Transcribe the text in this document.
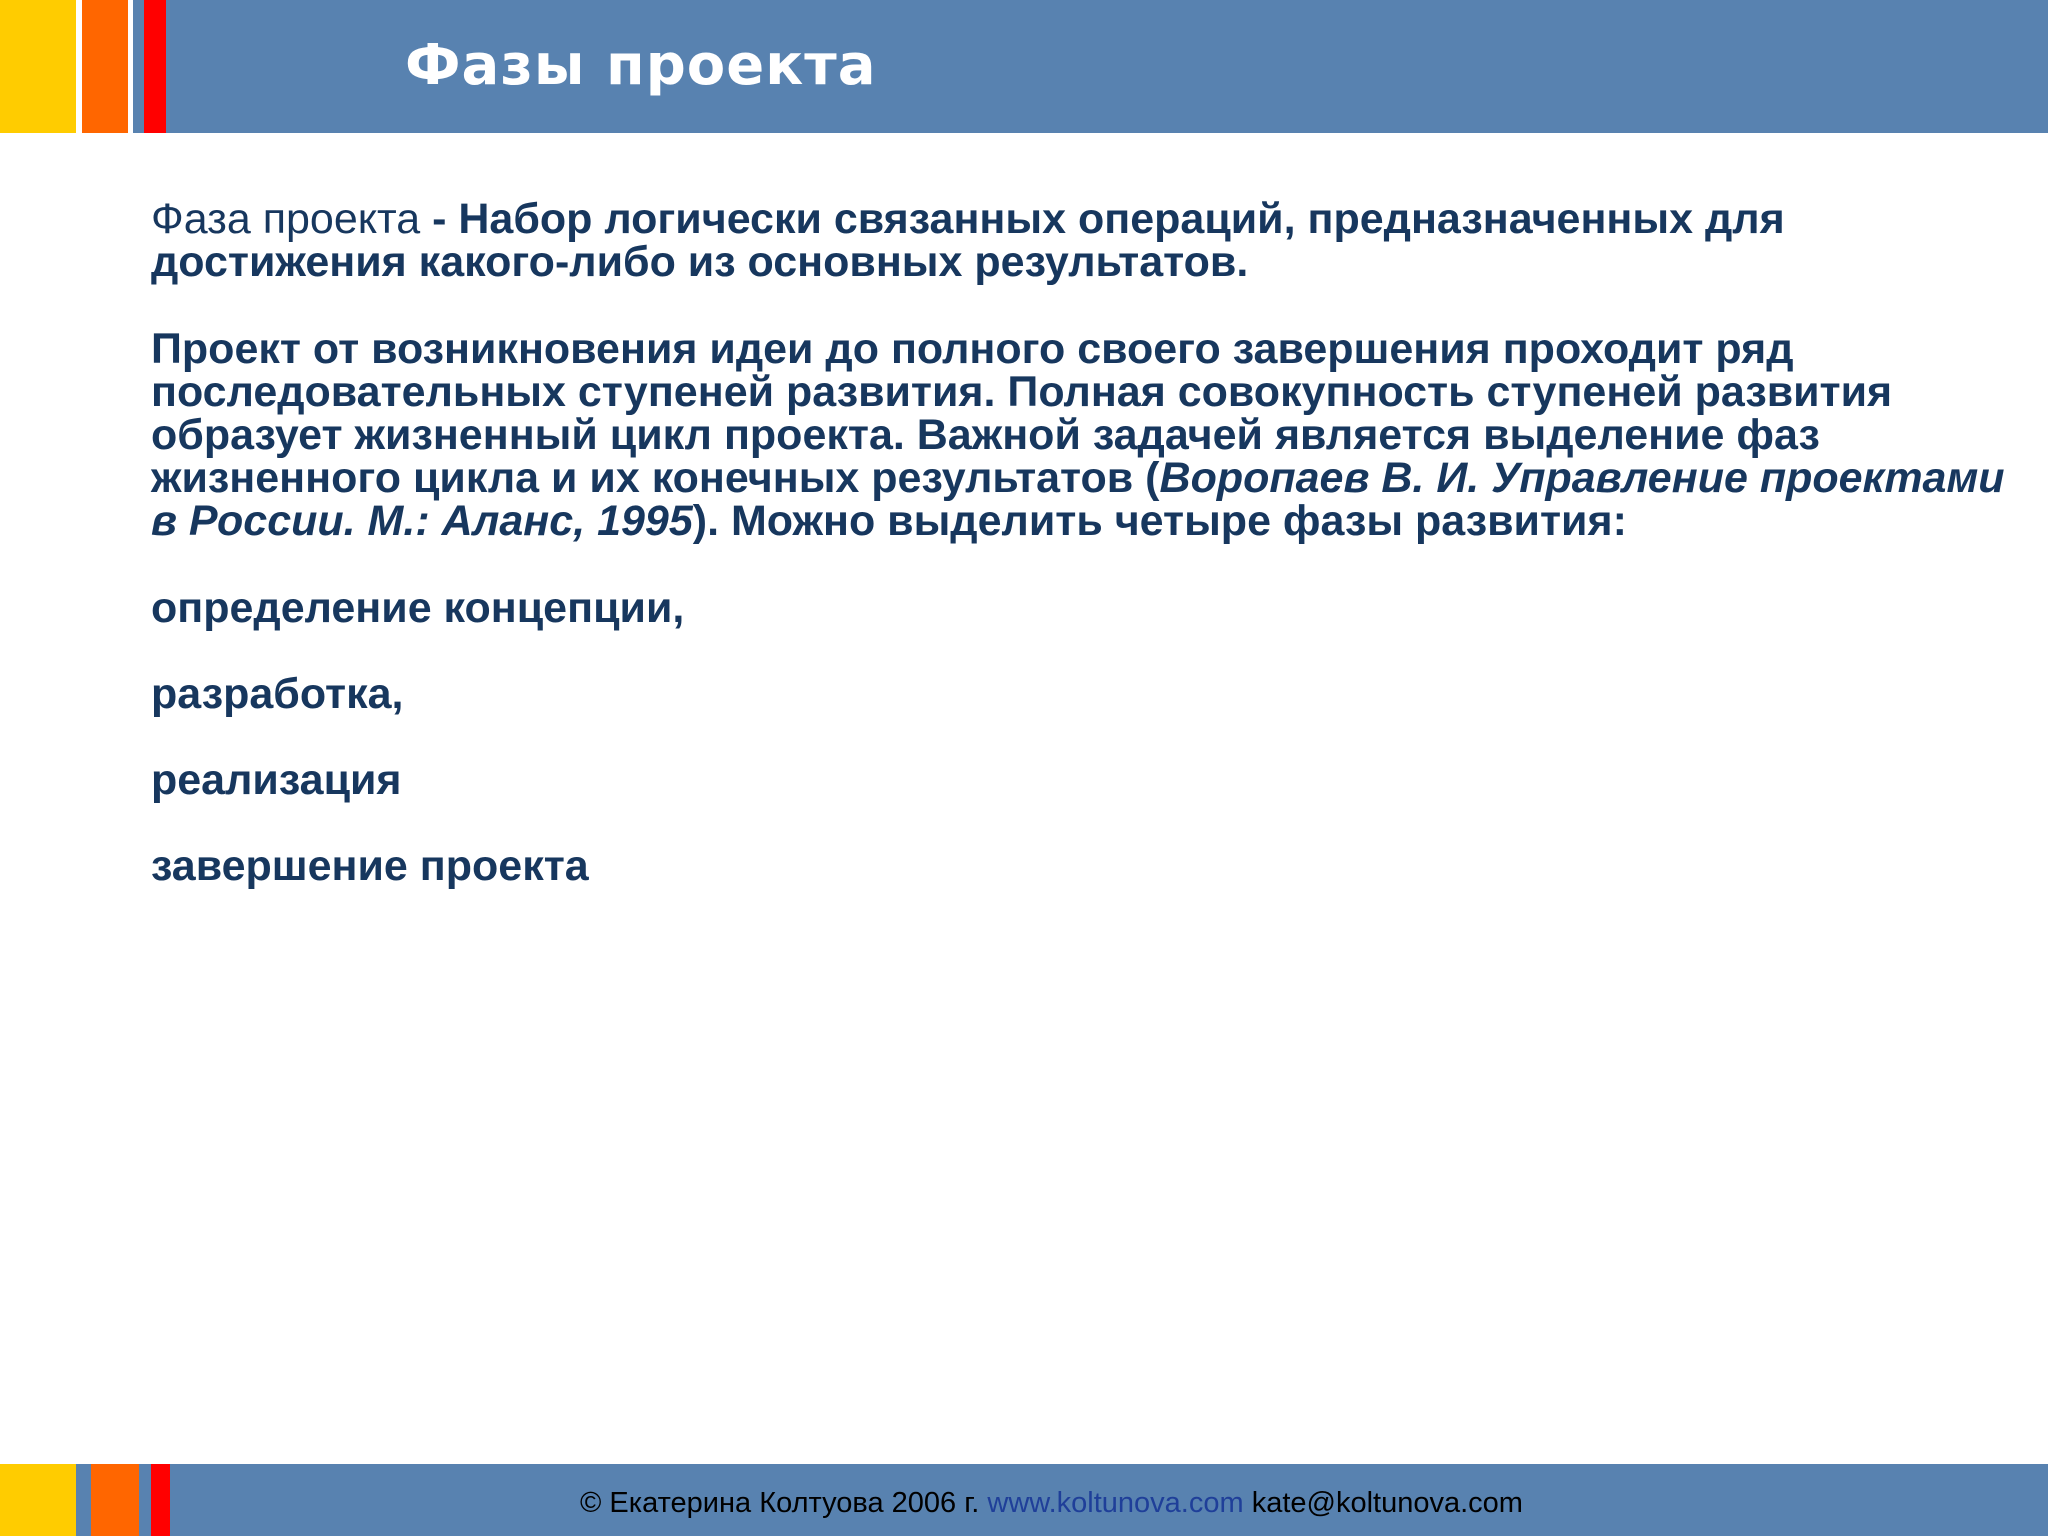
Фазы проекта

Фаза проекта - Набор логически связанных операций, предназначенных для достижения какого-либо из основных результатов.

Проект от возникновения идеи до полного своего завершения проходит ряд последовательных ступеней развития. Полная совокупность ступеней развития образует жизненный цикл проекта. Важной задачей является выделение фаз жизненного цикла и их конечных результатов (Воропаев В. И. Управление проектами в России. М.: Аланс, 1995). Можно выделить четыре фазы развития:

определение концепции,

разработка,

реализация

завершение проекта

© Екатерина Колтуова 2006 г. www.koltunova.com kate@koltunova.com
